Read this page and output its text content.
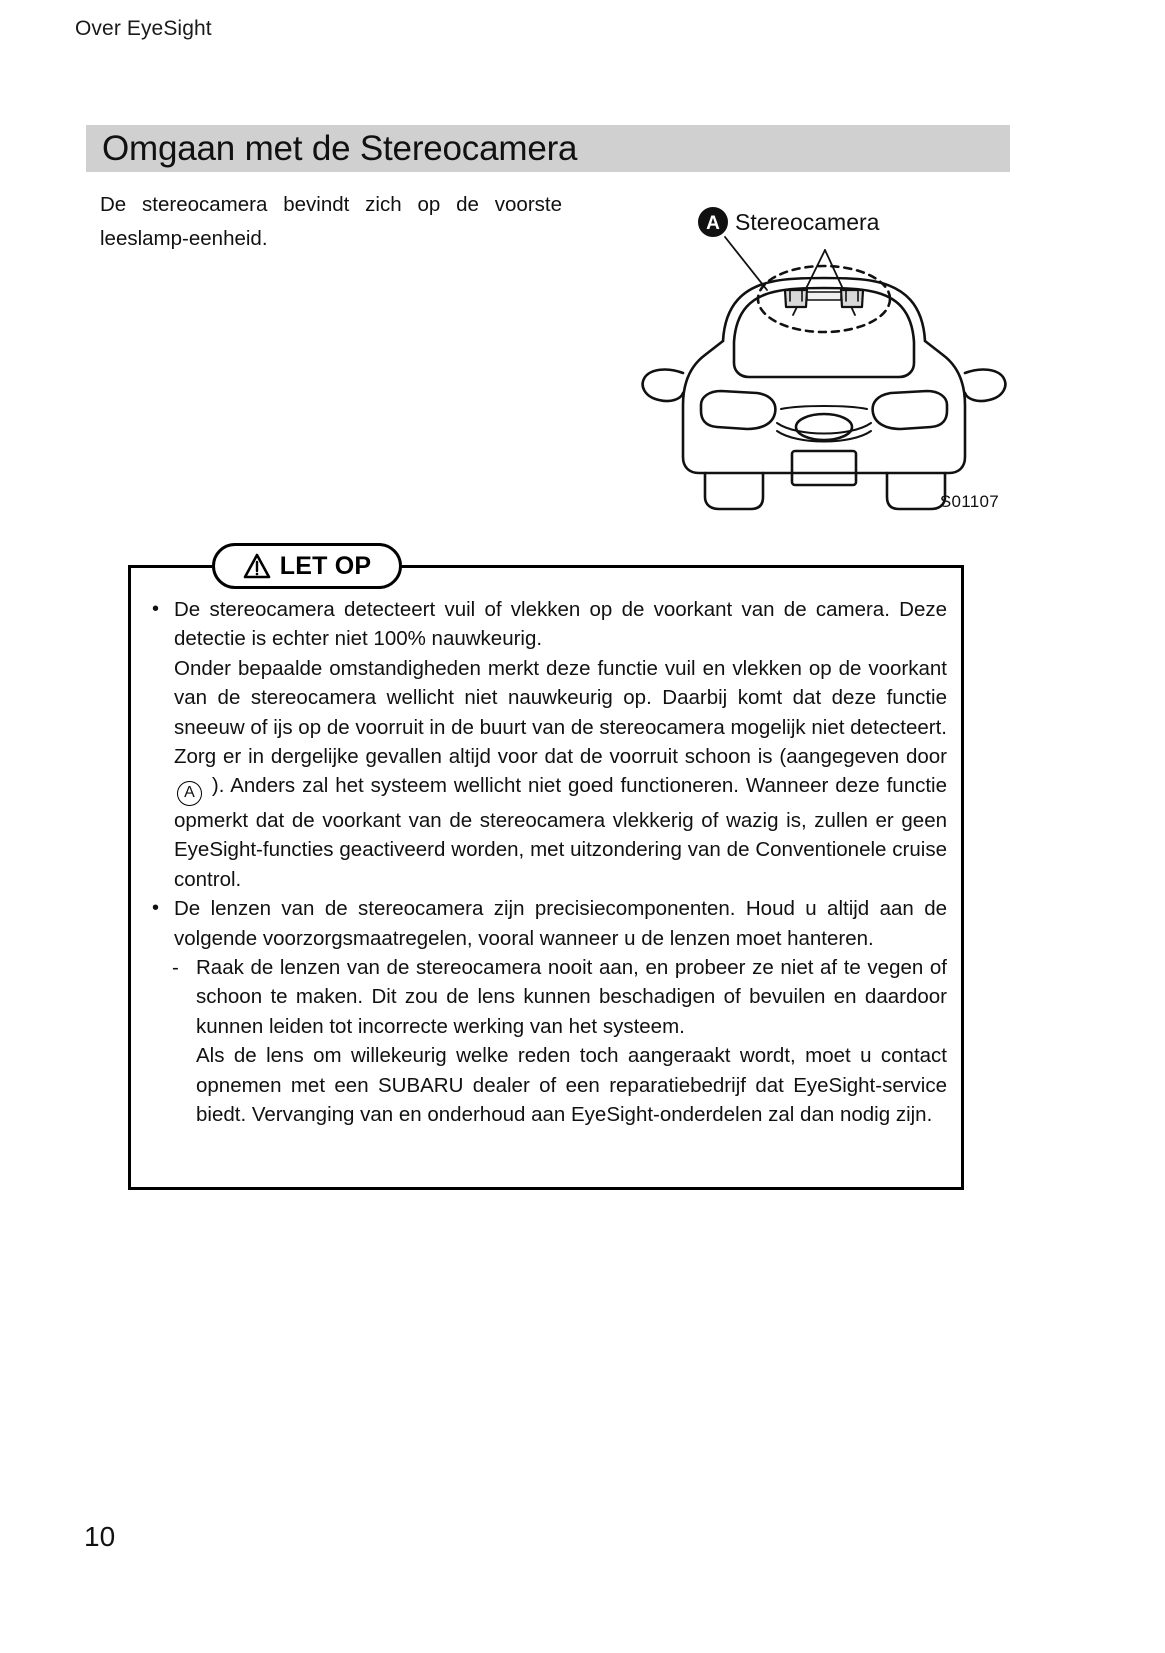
Over EyeSight
Omgaan met de Stereocamera
De stereocamera bevindt zich op de voorste leeslamp-eenheid.
A Stereocamera
S01107
LET OP
• De stereocamera detecteert vuil of vlekken op de voorkant van de camera. Deze detectie is echter niet 100% nauwkeurig.
Onder bepaalde omstandigheden merkt deze functie vuil en vlekken op de voorkant van de stereocamera wellicht niet nauwkeurig op. Daarbij komt dat deze functie sneeuw of ijs op de voorruit in de buurt van de stereocamera mogelijk niet detecteert. Zorg er in dergelijke gevallen altijd voor dat de voorruit schoon is (aangegeven door A ). Anders zal het systeem wellicht niet goed functioneren. Wanneer deze functie opmerkt dat de voorkant van de stereocamera vlekkerig of wazig is, zullen er geen EyeSight-functies geactiveerd worden, met uitzondering van de Conventionele cruise control.
• De lenzen van de stereocamera zijn precisiecomponenten. Houd u altijd aan de volgende voorzorgsmaatregelen, vooral wanneer u de lenzen moet hanteren.
- Raak de lenzen van de stereocamera nooit aan, en probeer ze niet af te vegen of schoon te maken. Dit zou de lens kunnen beschadigen of bevuilen en daardoor kunnen leiden tot incorrecte werking van het systeem.
Als de lens om willekeurig welke reden toch aangeraakt wordt, moet u contact opnemen met een SUBARU dealer of een reparatiebedrijf dat EyeSight-service biedt. Vervanging van en onderhoud aan EyeSight-onderdelen zal dan nodig zijn.
10
